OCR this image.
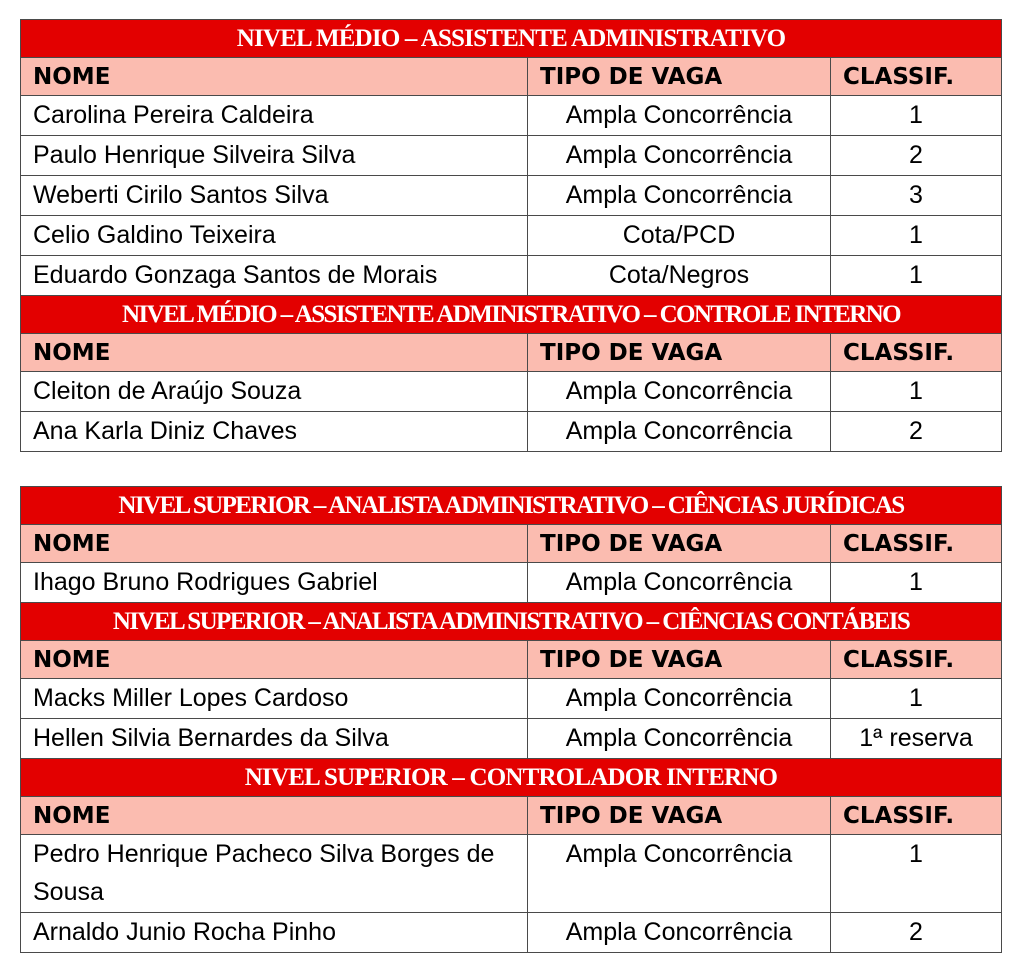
NIVEL MÉDIO – ASSISTENTE ADMINISTRATIVO		
NOME	TIPO DE VAGA	CLASSIF.
Carolina Pereira Caldeira	Ampla Concorrência	1
Paulo Henrique Silveira Silva	Ampla Concorrência	2
Weberti Cirilo Santos Silva	Ampla Concorrência	3
Celio Galdino Teixeira	Cota/PCD	1
Eduardo Gonzaga Santos de Morais	Cota/Negros	1
NIVEL MÉDIO – ASSISTENTE ADMINISTRATIVO – CONTROLE INTERNO		
NOME	TIPO DE VAGA	CLASSIF.
Cleiton de Araújo Souza	Ampla Concorrência	1
Ana Karla Diniz Chaves	Ampla Concorrência	2
NIVEL SUPERIOR – ANALISTA ADMINISTRATIVO – CIÊNCIAS JURÍDICAS		
NOME	TIPO DE VAGA	CLASSIF.
Ihago Bruno Rodrigues Gabriel	Ampla Concorrência	1
NIVEL SUPERIOR – ANALISTA ADMINISTRATIVO – CIÊNCIAS CONTÁBEIS		
NOME	TIPO DE VAGA	CLASSIF.
Macks Miller Lopes Cardoso	Ampla Concorrência	1
Hellen Silvia Bernardes da Silva	Ampla Concorrência	1ª reserva
NIVEL SUPERIOR – CONTROLADOR INTERNO		
NOME	TIPO DE VAGA	CLASSIF.
Pedro Henrique Pacheco Silva Borges de Sousa	Ampla Concorrência	1
Arnaldo Junio Rocha Pinho	Ampla Concorrência	2
